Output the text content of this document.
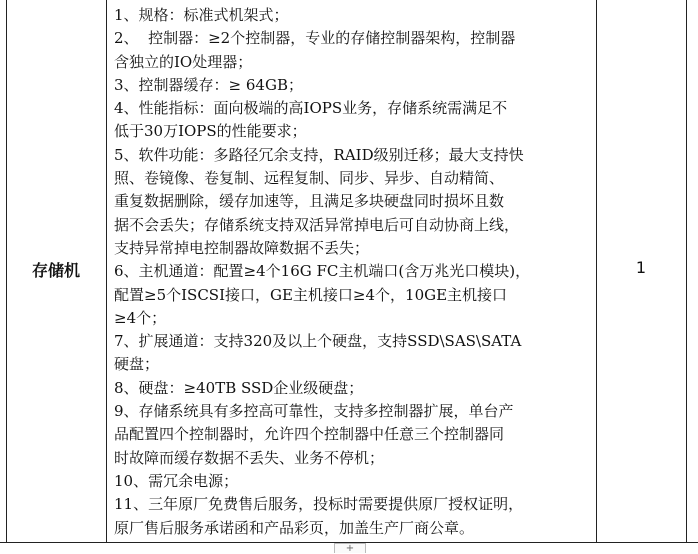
存储机
1、规格：标准式机架式；
2、  控制器：≥2个控制器，专业的存储控制器架构，控制器
含独立的IO处理器；
3、控制器缓存：≥ 64GB；
4、性能指标：面向极端的高IOPS业务，存储系统需满足不
低于30万IOPS的性能要求；
5、软件功能：多路径冗余支持，RAID级别迁移；最大支持快
照、卷镜像、卷复制、远程复制、同步、异步、自动精简、
重复数据删除，缓存加速等，且满足多块硬盘同时损坏且数
据不会丢失；存储系统支持双活异常掉电后可自动协商上线，
支持异常掉电控制器故障数据不丢失；
6、主机通道：配置≥4个16G FC主机端口(含万兆光口模块)，
配置≥5个ISCSI接口，GE主机接口≥4个，10GE主机接口
≥4个；
7、扩展通道：支持320及以上个硬盘，支持SSD\SAS\SATA
硬盘；
8、硬盘：≥40TB SSD企业级硬盘；
9、存储系统具有多控高可靠性，支持多控制器扩展，单台产
品配置四个控制器时，允许四个控制器中任意三个控制器同
时故障而缓存数据不丢失、业务不停机；
10、需冗余电源；
11、三年原厂免费售后服务，投标时需要提供原厂授权证明，
原厂售后服务承诺函和产品彩页，加盖生产厂商公章。
1
+
